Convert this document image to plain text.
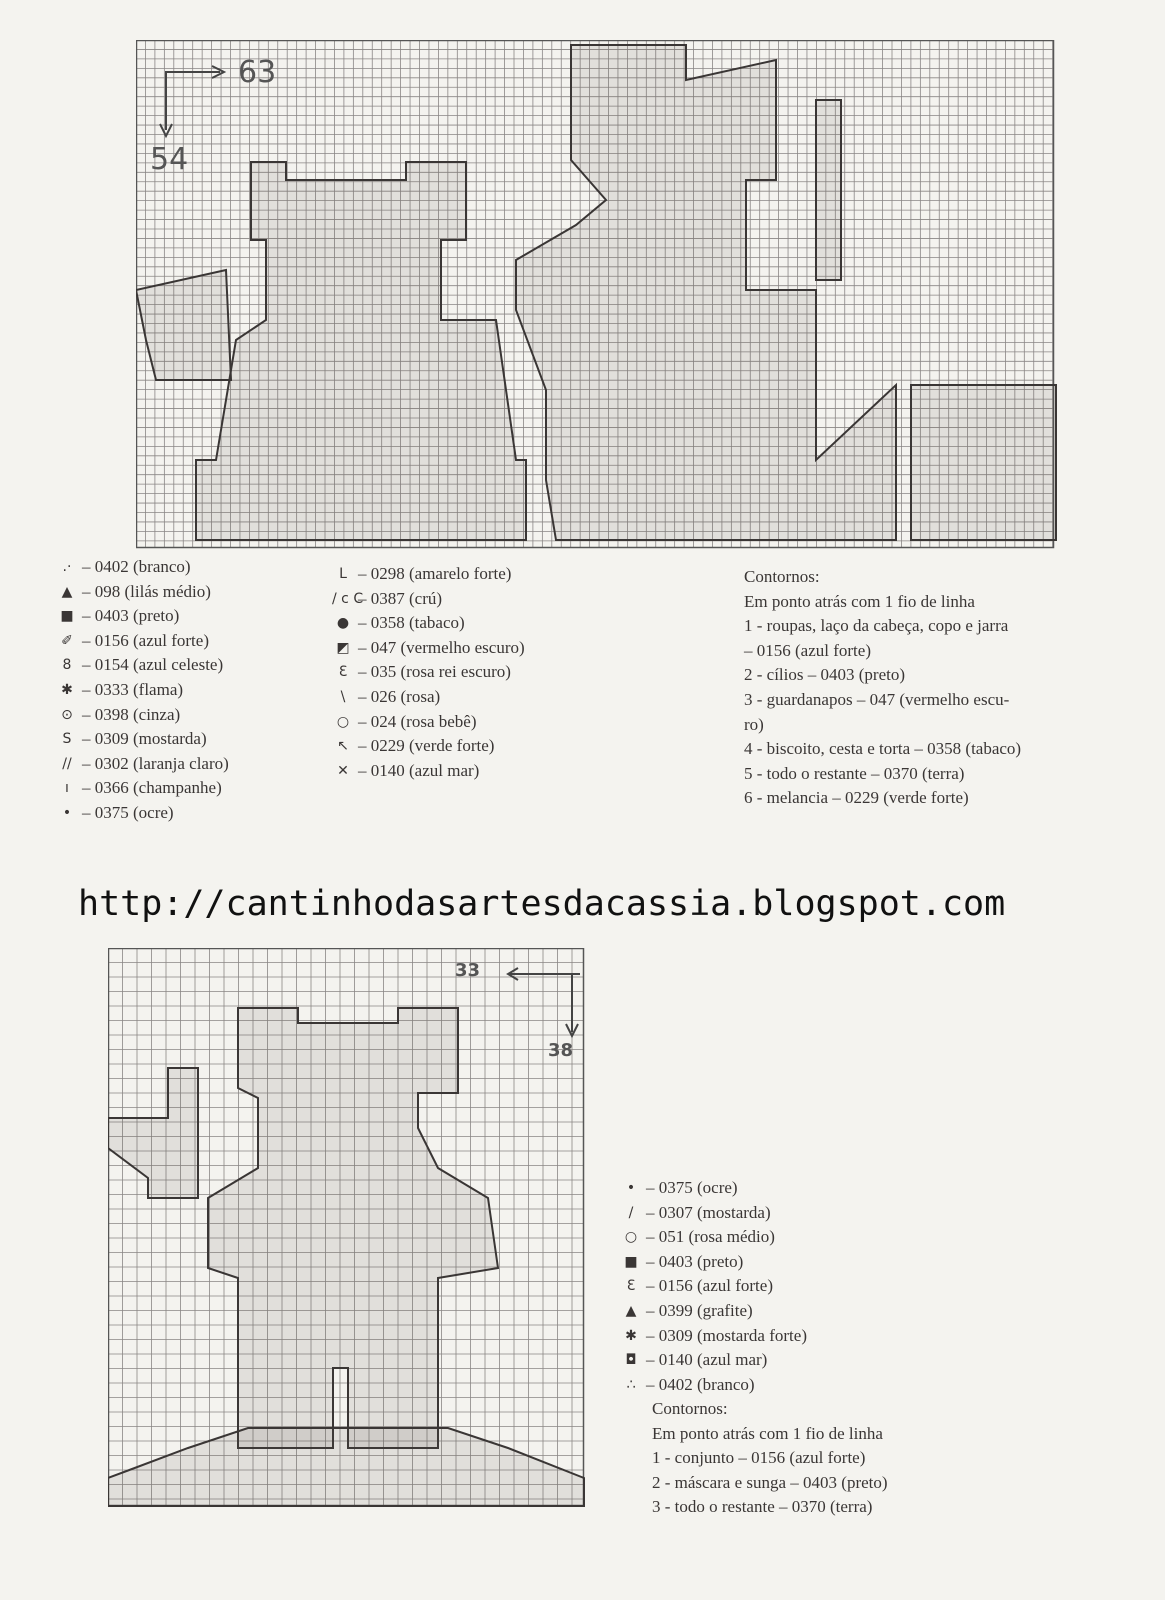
63
54
.· – 0402 (branco)
▲ – 098 (lilás médio)
■ – 0403 (preto)
✐ – 0156 (azul forte)
8 – 0154 (azul celeste)
✱ – 0333 (flama)
⊙ – 0398 (cinza)
S – 0309 (mostarda)
// – 0302 (laranja claro)
ı – 0366 (champanhe)
• – 0375 (ocre)
L – 0298 (amarelo forte)
/ c C
– 0387 (crú)
● – 0358 (tabaco)
◩ – 047 (vermelho escuro)
Ɛ – 035 (rosa rei escuro)
\ – 026 (rosa)
○ – 024 (rosa bebê)
↖ – 0229 (verde forte)
✕ – 0140 (azul mar)
Contornos:
Em ponto atrás com 1 fio de linha
1 - roupas, laço da cabeça, copo e jarra
– 0156 (azul forte)
2 - cílios – 0403 (preto)
3 - guardanapos – 047 (vermelho escu-
ro)
4 - biscoito, cesta e torta – 0358 (tabaco)
5 - todo o restante – 0370 (terra)
6 - melancia – 0229 (verde forte)
http://cantinhodasartesdacassia.blogspot.com
33
38
• – 0375 (ocre)
/ – 0307 (mostarda)
○ – 051 (rosa médio)
■ – 0403 (preto)
Ɛ – 0156 (azul forte)
▲ – 0399 (grafite)
✱ – 0309 (mostarda forte)
◘ – 0140 (azul mar)
∴ – 0402 (branco)
Contornos:
Em ponto atrás com 1 fio de linha
1 - conjunto – 0156 (azul forte)
2 - máscara e sunga – 0403 (preto)
3 - todo o restante – 0370 (terra)
